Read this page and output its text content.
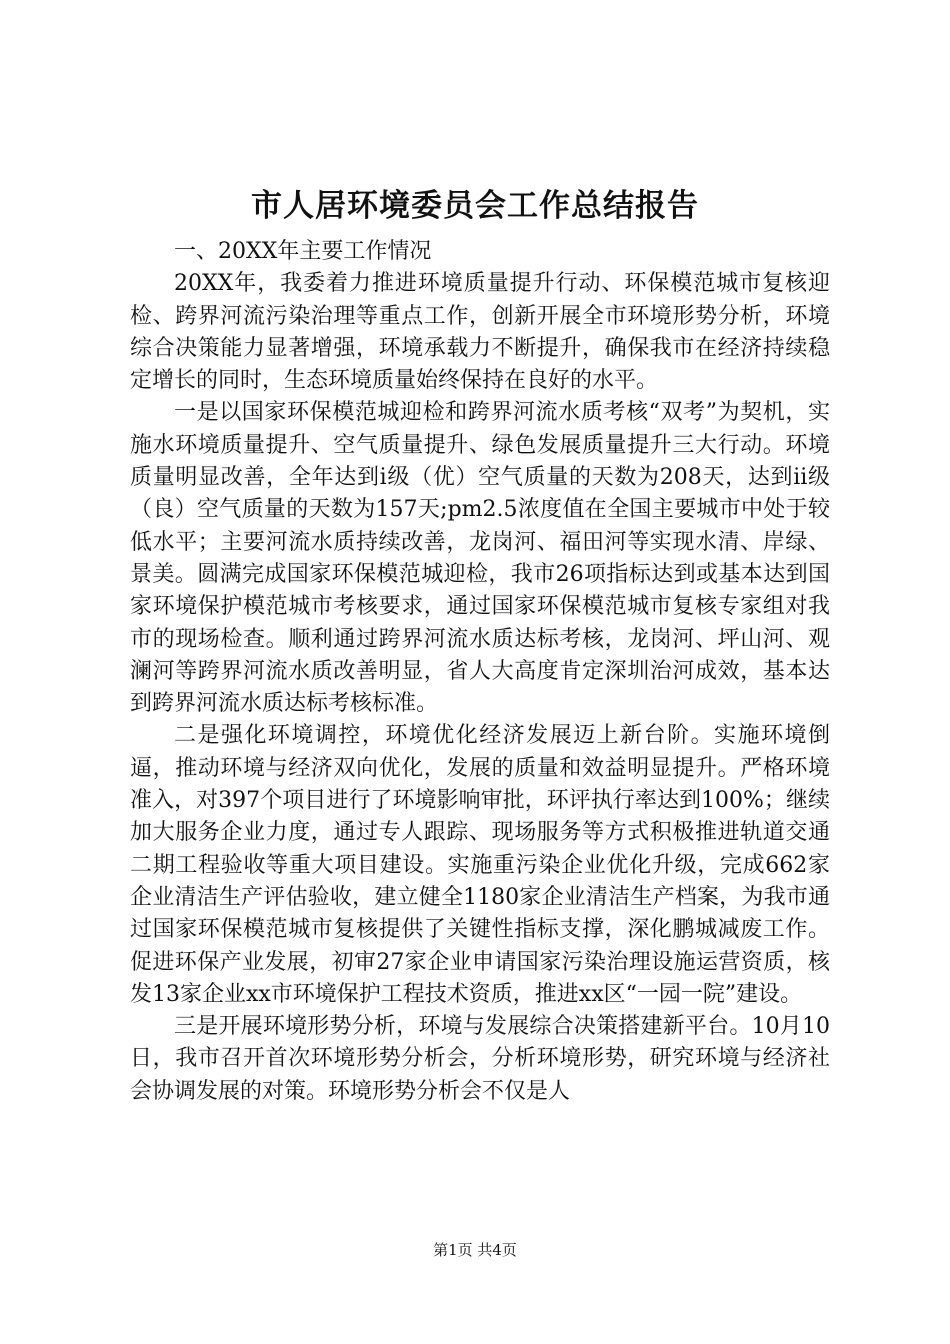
市人居环境委员会工作总结报告

一、20XX年主要工作情况

20XX年，我委着力推进环境质量提升行动、环保模范城市复核迎检、跨界河流污染治理等重点工作，创新开展全市环境形势分析，环境综合决策能力显著增强，环境承载力不断提升，确保我市在经济持续稳定增长的同时，生态环境质量始终保持在良好的水平。

一是以国家环保模范城迎检和跨界河流水质考核“双考”为契机，实施水环境质量提升、空气质量提升、绿色发展质量提升三大行动。环境质量明显改善，全年达到ⅰ级（优）空气质量的天数为208天，达到ⅱ级（良）空气质量的天数为157天;pm2.5浓度值在全国主要城市中处于较低水平；主要河流水质持续改善，龙岗河、福田河等实现水清、岸绿、景美。圆满完成国家环保模范城迎检，我市26项指标达到或基本达到国家环境保护模范城市考核要求，通过国家环保模范城市复核专家组对我市的现场检查。顺利通过跨界河流水质达标考核，龙岗河、坪山河、观澜河等跨界河流水质改善明显，省人大高度肯定深圳治河成效，基本达到跨界河流水质达标考核标准。

二是强化环境调控，环境优化经济发展迈上新台阶。实施环境倒逼，推动环境与经济双向优化，发展的质量和效益明显提升。严格环境准入，对397个项目进行了环境影响审批，环评执行率达到100%；继续加大服务企业力度，通过专人跟踪、现场服务等方式积极推进轨道交通二期工程验收等重大项目建设。实施重污染企业优化升级，完成662家企业清洁生产评估验收，建立健全1180家企业清洁生产档案，为我市通过国家环保模范城市复核提供了关键性指标支撑，深化鹏城减废工作。促进环保产业发展，初审27家企业申请国家污染治理设施运营资质，核发13家企业xx市环境保护工程技术资质，推进xx区“一园一院”建设。

三是开展环境形势分析，环境与发展综合决策搭建新平台。10月10日，我市召开首次环境形势分析会，分析环境形势，研究环境与经济社会协调发展的对策。环境形势分析会不仅是人

第1页 共4页
